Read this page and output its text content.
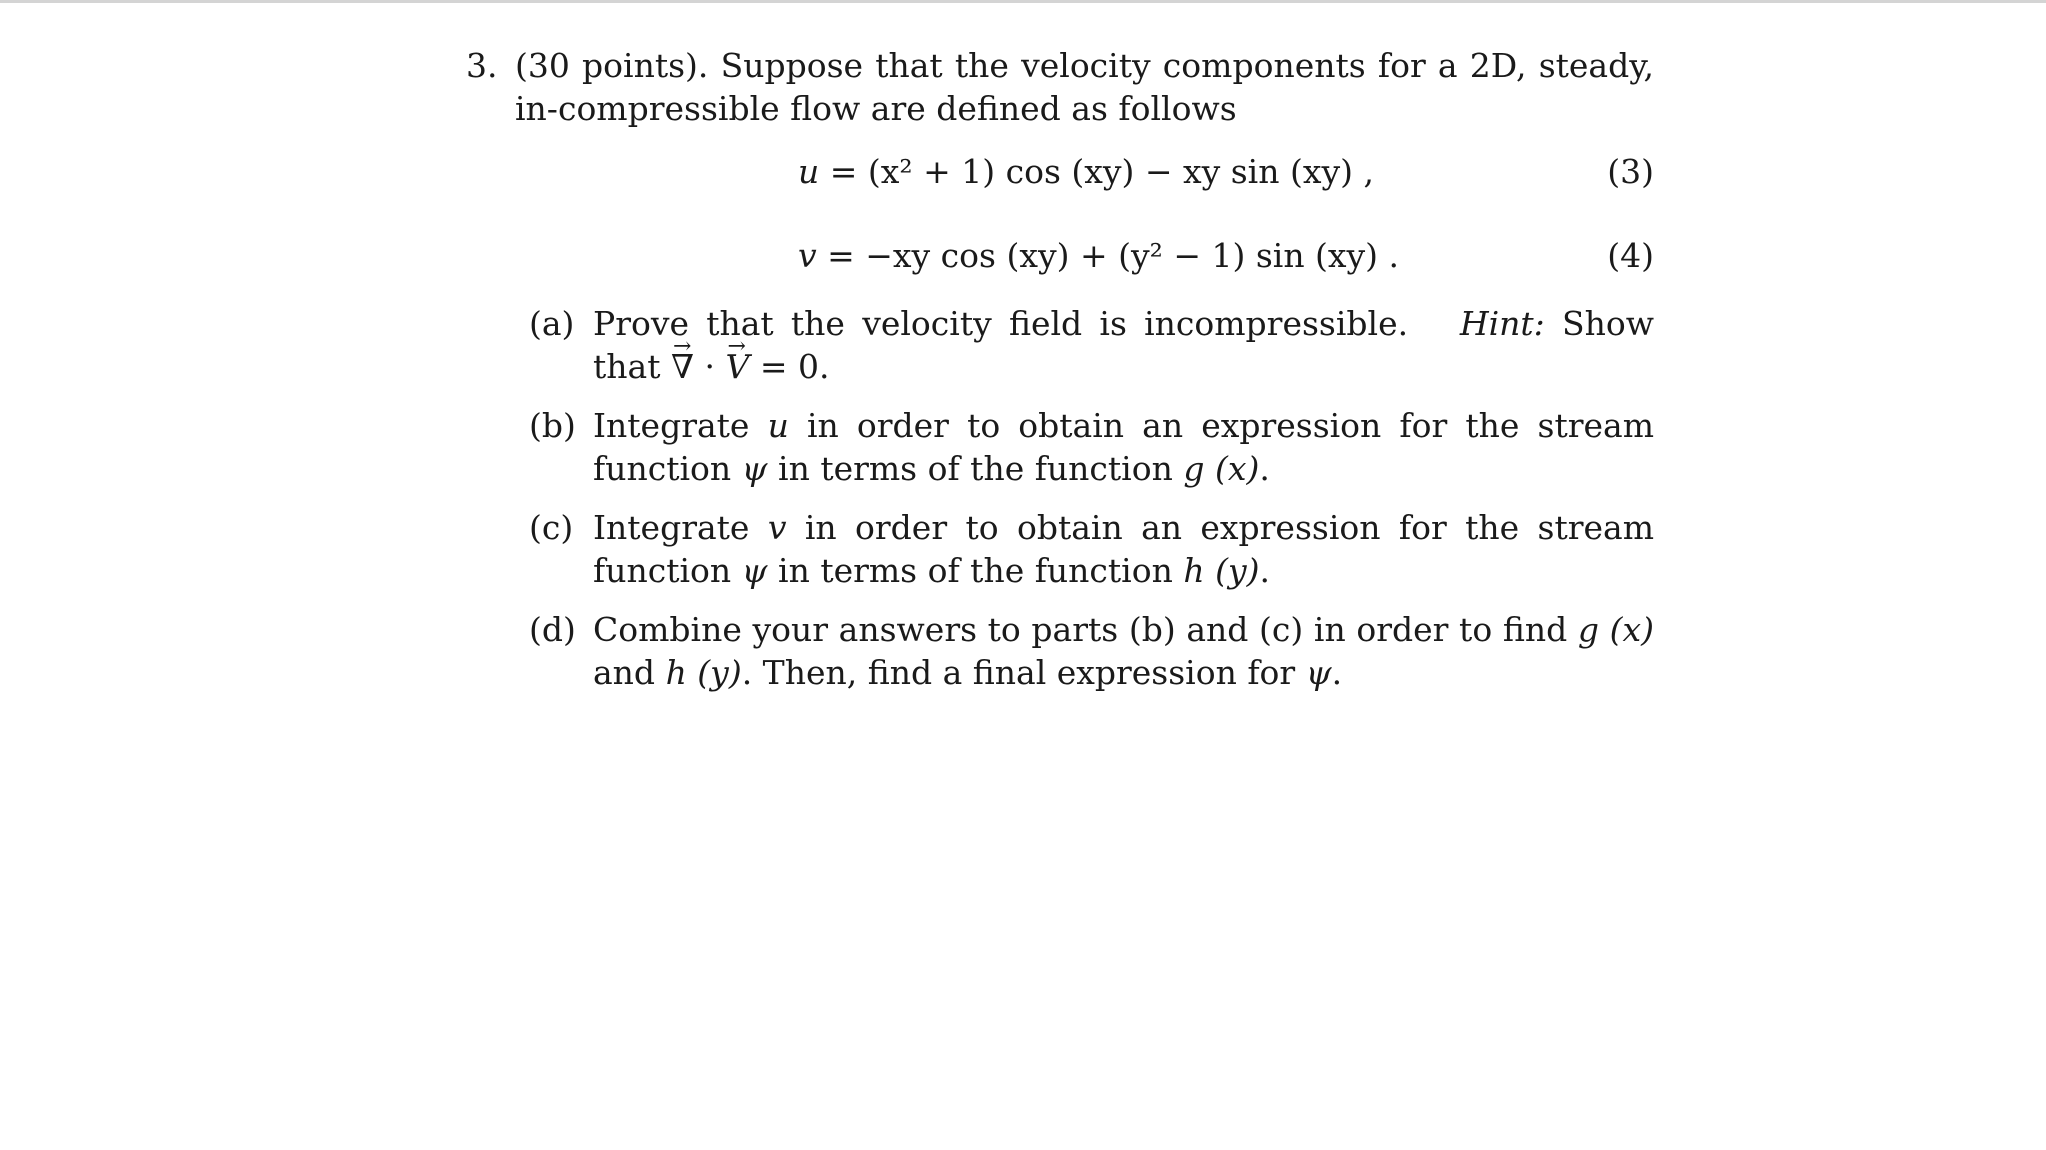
3. (30 points). Suppose that the velocity components for a 2D, steady, in-compressible flow are defined as follows
u = (x² + 1) cos (xy) − xy sin (xy) ,	(3)
v = −xy cos (xy) + (y² − 1) sin (xy) .	(4)
(a) Prove that the velocity field is incompressible. Hint: Show that → ∇ · → V = 0.
(b) Integrate u in order to obtain an expression for the stream function ψ in terms of the function g (x).
(c) Integrate v in order to obtain an expression for the stream function ψ in terms of the function h (y).
(d) Combine your answers to parts (b) and (c) in order to find g (x) and h (y). Then, find a final expression for ψ.
